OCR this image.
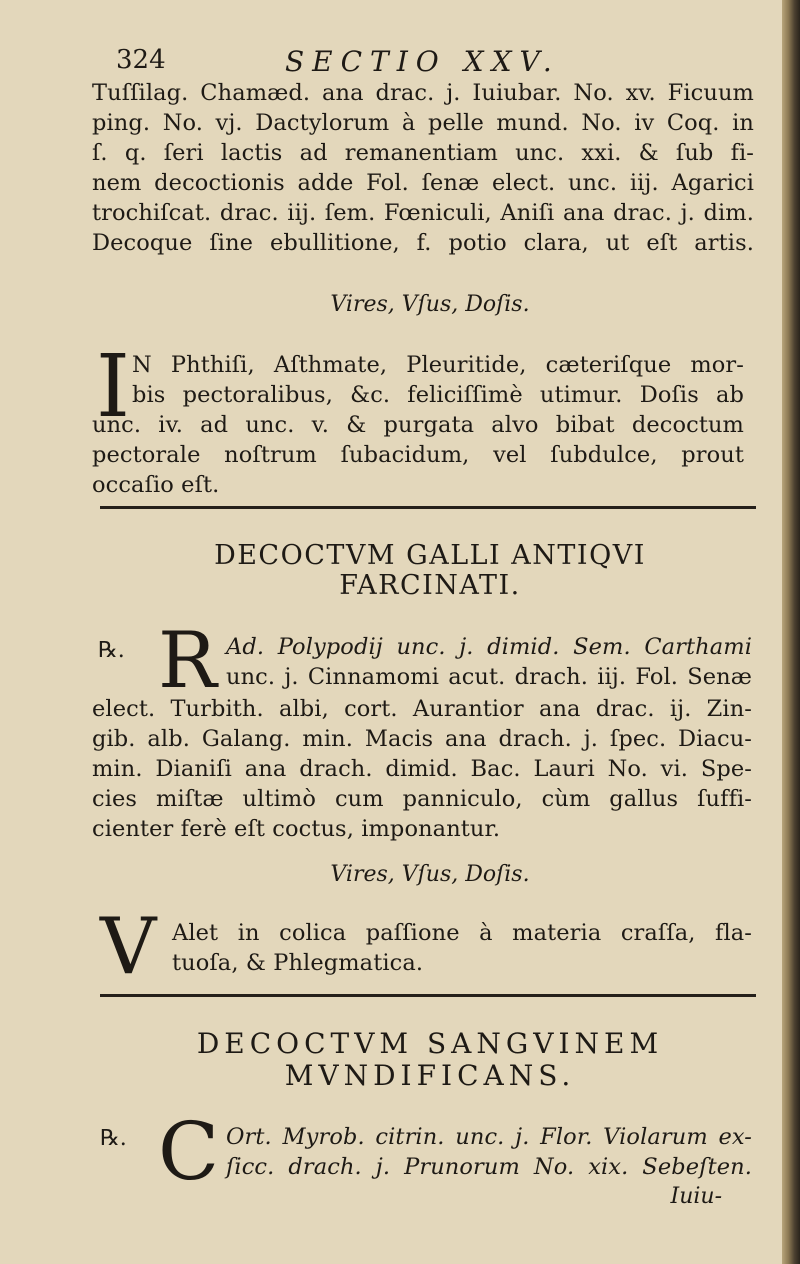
324	SECTIO XXV.
Tuſſilag. Chamæd. ana drac. j. Iuiubar. No. xv. Ficuum
ping. No. vj. Dactylorum à pelle mund. No. iv Coq. in
ſ. q. ſeri lactis ad remanentiam unc. xxi. & ſub fi-
nem decoctionis adde Fol. ſenæ elect. unc. iij. Agarici
trochiſcat. drac. iij. ſem. Fœniculi, Aniſi ana drac. j. dim.
Decoque ſine ebullitione, f. potio clara, ut eſt artis.
Vires, Vſus, Doſis.
I N Phthiſi, Aſthmate, Pleuritide, cæteriſque mor-
bis pectoralibus, &c. feliciſſimè utimur. Doſis ab
unc. iv. ad unc. v. & purgata alvo bibat decoctum
pectorale noſtrum ſubacidum, vel ſubdulce, prout
occaſio eſt.
DECOCTVM GALLI ANTIQVI
FARCINATI.
℞. R Ad. Polypodij unc. j. dimid. Sem. Carthami
unc. j. Cinnamomi acut. drach. iij. Fol. Senæ
elect. Turbith. albi, cort. Aurantior ana drac. ij. Zin-
gib. alb. Galang. min. Macis ana drach. j. ſpec. Diacu-
min. Dianiſi ana drach. dimid. Bac. Lauri No. vi. Spe-
cies miſtæ ultimò cum panniculo, cùm gallus ſuffi-
cienter ferè eſt coctus, imponantur.
Vires, Vſus, Doſis.
V Alet in colica paſſione à materia craſſa, fla-
tuoſa, & Phlegmatica.
DECOCTVM SANGVINEM
MVNDIFICANS.
℞. C Ort. Myrob. citrin. unc. j. Flor. Violarum ex-
ſicc. drach. j. Prunorum No. xix. Sebeſten.
Iuiu-
